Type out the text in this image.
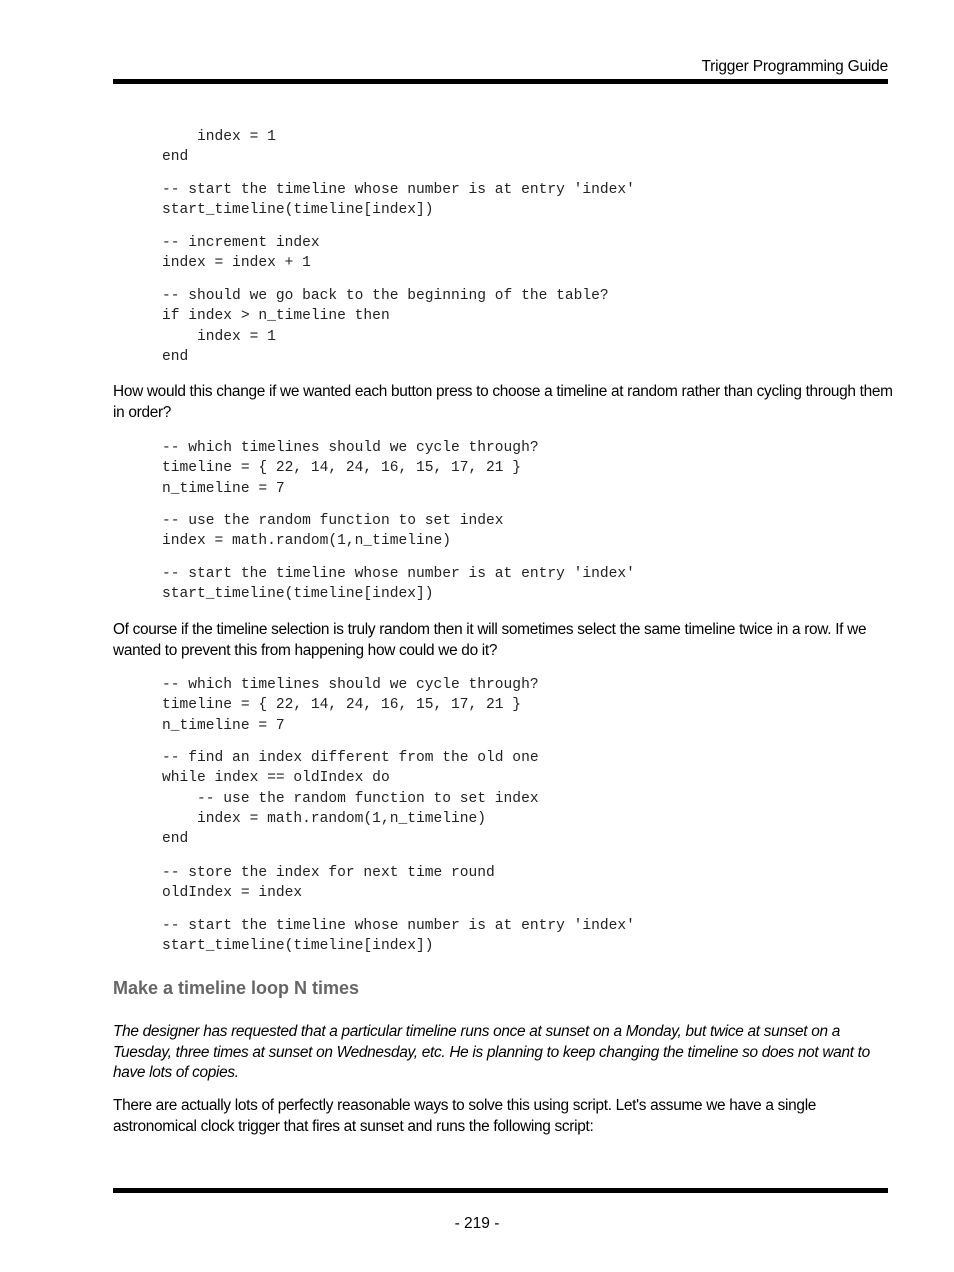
Trigger Programming Guide
index = 1
end
-- start the timeline whose number is at entry 'index'
start_timeline(timeline[index])
-- increment index
index = index + 1
-- should we go back to the beginning of the table?
if index > n_timeline then
index = 1
end

How would this change if we wanted each button press to choose a timeline at random rather than cycling through them in order?

-- which timelines should we cycle through?
timeline = { 22, 14, 24, 16, 15, 17, 21 }
n_timeline = 7
-- use the random function to set index
index = math.random(1,n_timeline)
-- start the timeline whose number is at entry 'index'
start_timeline(timeline[index])

Of course if the timeline selection is truly random then it will sometimes select the same timeline twice in a row. If we wanted to prevent this from happening how could we do it?

-- which timelines should we cycle through?
timeline = { 22, 14, 24, 16, 15, 17, 21 }
n_timeline = 7
-- find an index different from the old one
while index == oldIndex do
-- use the random function to set index
index = math.random(1,n_timeline)
end
-- store the index for next time round
oldIndex = index
-- start the timeline whose number is at entry 'index'
start_timeline(timeline[index])
Make a timeline loop N times

The designer has requested that a particular timeline runs once at sunset on a Monday, but twice at sunset on a Tuesday, three times at sunset on Wednesday, etc. He is planning to keep changing the timeline so does not want to have lots of copies.

There are actually lots of perfectly reasonable ways to solve this using script. Let's assume we have a single astronomical clock trigger that fires at sunset and runs the following script:

- 219 -
